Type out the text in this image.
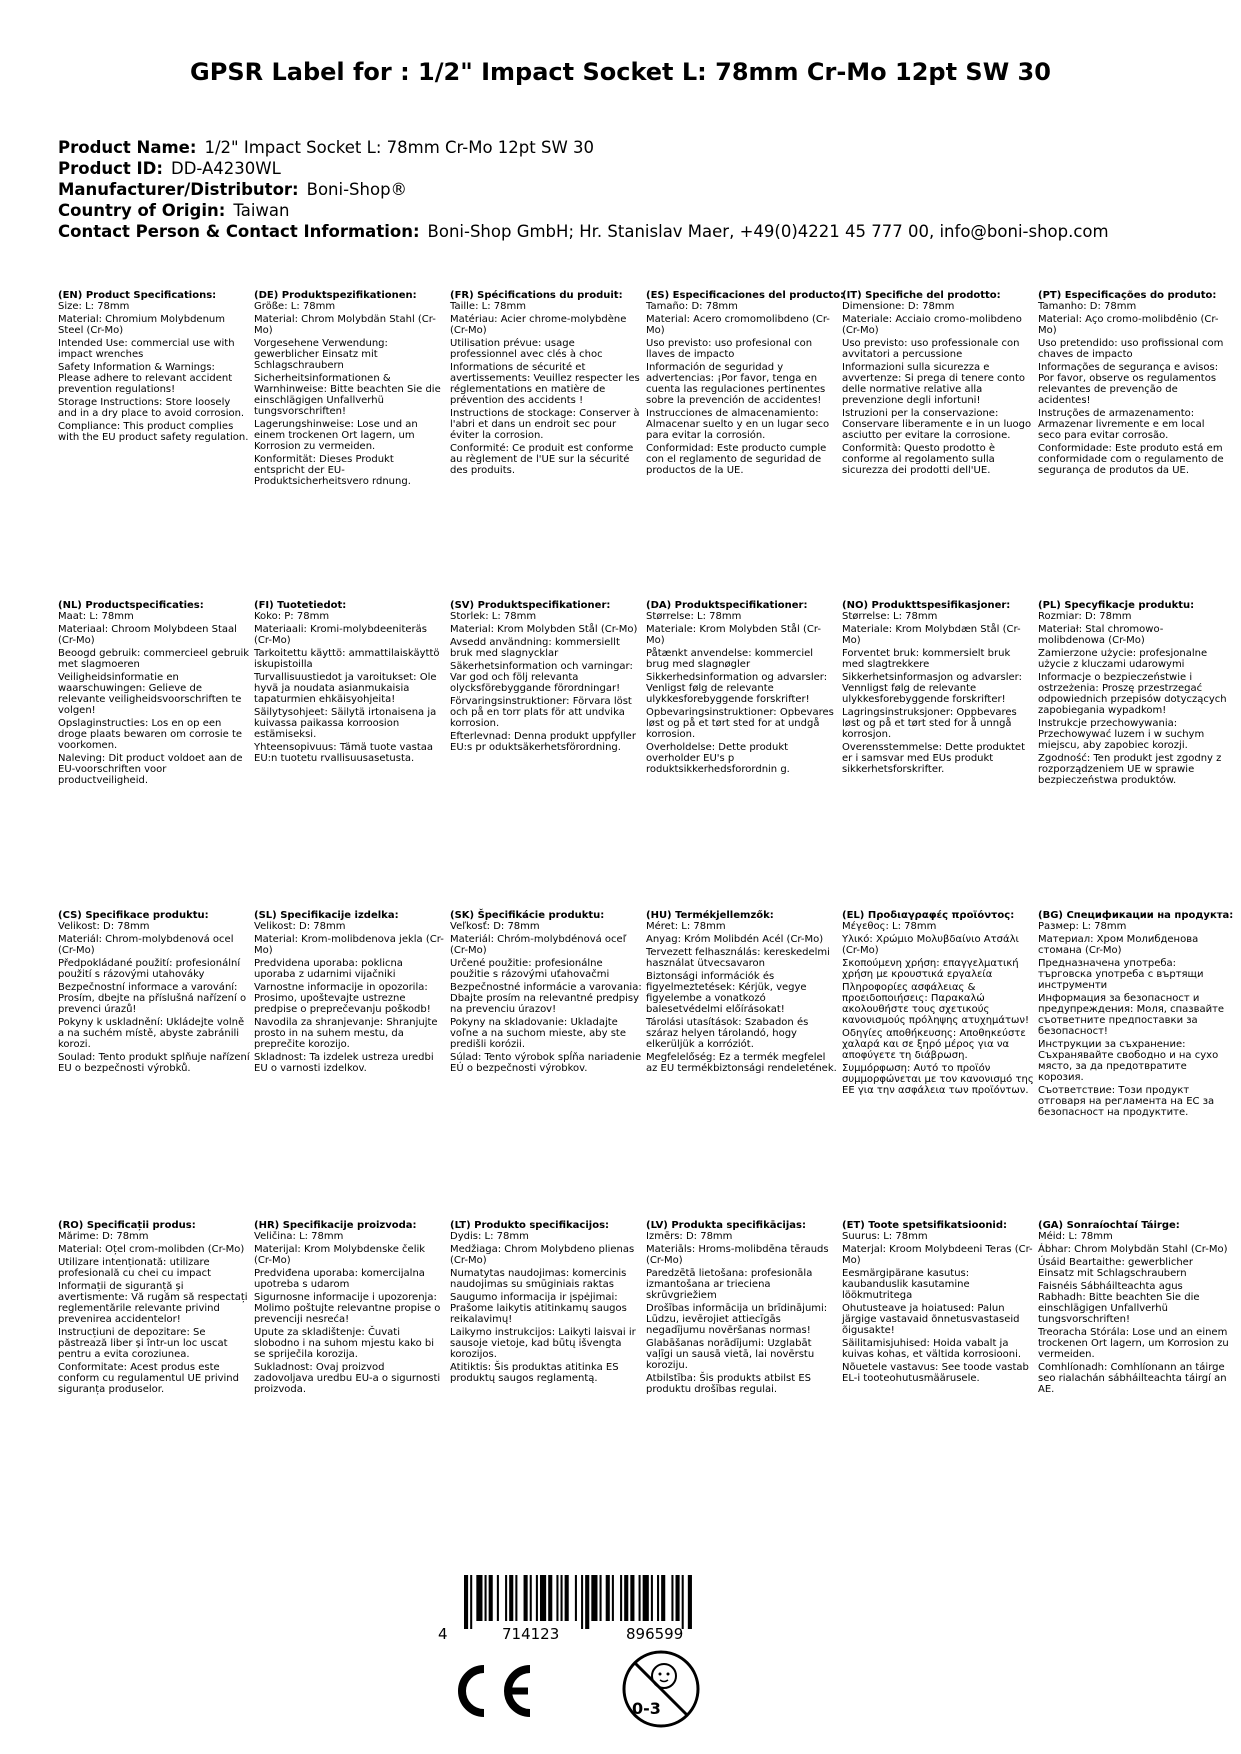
GPSR Label for : 1/2" Impact Socket L: 78mm Cr-Mo 12pt SW 30
Product Name: 1/2" Impact Socket L: 78mm Cr-Mo 12pt SW 30
Product ID: DD-A4230WL
Manufacturer/Distributor: Boni-Shop®
Country of Origin: Taiwan
Contact Person & Contact Information: Boni-Shop GmbH; Hr. Stanislav Maer, +49(0)4221 45 777 00, info@boni-shop.com
(EN) Product Specifications:

Size: L: 78mm

Material: Chromium Molybdenum Steel (Cr-Mo)

Intended Use: commercial use with impact wrenches

Safety Information & Warnings: Please adhere to relevant accident prevention regulations!

Storage Instructions: Store loosely and in a dry place to avoid corrosion.

Compliance: This product complies with the EU product safety regulation.

(DE) Produktspezifikationen:

Größe: L: 78mm

Material: Chrom Molybdän Stahl (Cr-Mo)

Vorgesehene Verwendung: gewerblicher Einsatz mit Schlagschraubern

Sicherheitsinformationen & Warnhinweise: Bitte beachten Sie die einschlägigen Unfallverhü tungsvorschriften!

Lagerungshinweise: Lose und an einem trockenen Ort lagern, um Korrosion zu vermeiden.

Konformität: Dieses Produkt entspricht der EU-Produktsicherheitsverо rdnung.

(FR) Spécifications du produit:

Taille: L: 78mm

Matériau: Acier chrome-molybdène (Cr-Mo)

Utilisation prévue: usage professionnel avec clés à choc

Informations de sécurité et avertissements: Veuillez respecter les réglementations en matière de prévention des accidents !

Instructions de stockage: Conserver à l'abri et dans un endroit sec pour éviter la corrosion.

Conformité: Ce produit est conforme au règlement de l'UE sur la sécurité des produits.

(ES) Especificaciones del producto:

Tamaño: D: 78mm

Material: Acero cromomolibdeno (Cr-Mo)

Uso previsto: uso profesional con llaves de impacto

Información de seguridad y advertencias: ¡Por favor, tenga en cuenta las regulaciones pertinentes sobre la prevención de accidentes!

Instrucciones de almacenamiento: Almacenar suelto y en un lugar seco para evitar la corrosión.

Conformidad: Este producto cumple con el reglamento de seguridad de productos de la UE.

(IT) Specifiche del prodotto:

Dimensione: D: 78mm

Materiale: Acciaio cromo-molibdeno (Cr-Mo)

Uso previsto: uso professionale con avvitatori a percussione

Informazioni sulla sicurezza e avvertenze: Si prega di tenere conto delle normative relative alla prevenzione degli infortuni!

Istruzioni per la conservazione: Conservare liberamente e in un luogo asciutto per evitare la corrosione.

Conformità: Questo prodotto è conforme al regolamento sulla sicurezza dei prodotti dell'UE.

(PT) Especificações do produto:

Tamanho: D: 78mm

Material: Aço cromo-molibdênio (Cr-Mo)

Uso pretendido: uso profissional com chaves de impacto

Informações de segurança e avisos: Por favor, observe os regulamentos relevantes de prevenção de acidentes!

Instruções de armazenamento: Armazenar livremente e em local seco para evitar corrosão.

Conformidade: Este produto está em conformidade com o regulamento de segurança de produtos da UE.

(NL) Productspecificaties:

Maat: L: 78mm

Materiaal: Chroom Molybdeen Staal (Cr-Mo)

Beoogd gebruik: commercieel gebruik met slagmoeren

Veiligheidsinformatie en waarschuwingen: Gelieve de relevante veiligheidsvoorschriften te volgen!

Opslaginstructies: Los en op een droge plaats bewaren om corrosie te voorkomen.

Naleving: Dit product voldoet aan de EU-voorschriften voor productveiligheid.

(FI) Tuotetiedot:

Koko: P: 78mm

Materiaali: Kromi-molybdeeniteräs (Cr-Mo)

Tarkoitettu käyttö: ammattilaiskäyttö iskupistoilla

Turvallisuustiedot ja varoitukset: Ole hyvä ja noudata asianmukaisia tapaturmien ehkäisyohjeita!

Säilytysohjeet: Säilytä irtonaisena ja kuivassa paikassa korroosion estämiseksi.

Yhteensopivuus: Tämä tuote vastaa EU:n tuotetu rvallisuusasetusta.

(SV) Produktspecifikationer:

Storlek: L: 78mm

Material: Krom Molybden Stål (Cr-Mo)

Avsedd användning: kommersiellt bruk med slagnycklar

Säkerhetsinformation och varningar: Var god och följ relevanta olycksförebyggande förordningar!

Förvaringsinstruktioner: Förvara löst och på en torr plats för att undvika korrosion.

Efterlevnad: Denna produkt uppfyller EU:s pr oduktsäkerhetsförordning.

(DA) Produktspecifikationer:

Størrelse: L: 78mm

Materiale: Krom Molybden Stål (Cr-Mo)

Påtænkt anvendelse: kommerciel brug med slagnøgler

Sikkerhedsinformation og advarsler: Venligst følg de relevante ulykkesforebyggende forskrifter!

Opbevaringsinstruktioner: Opbevares løst og på et tørt sted for at undgå korrosion.

Overholdelse: Dette produkt overholder EU's p roduktsikkerhedsforordnin g.

(NO) Produkttspesifikasjoner:

Størrelse: L: 78mm

Materiale: Krom Molybdæn Stål (Cr-Mo)

Forventet bruk: kommersielt bruk med slagtrekkere

Sikkerhetsinformasjon og advarsler: Vennligst følg de relevante ulykkesforebyggende forskrifter!

Lagringsinstruksjoner: Oppbevares løst og på et tørt sted for å unngå korrosjon.

Overensstemmelse: Dette produktet er i samsvar med EUs produkt sikkerhetsforskrifter.

(PL) Specyfikacje produktu:

Rozmiar: D: 78mm

Materiał: Stal chromowo-molibdenowa (Cr-Mo)

Zamierzone użycie: profesjonalne użycie z kluczami udarowymi

Informacje o bezpieczeństwie i ostrzeżenia: Proszę przestrzegać odpowiednich przepisów dotyczących zapobiegania wypadkom!

Instrukcje przechowywania: Przechowywać luzem i w suchym miejscu, aby zapobiec korozji.

Zgodność: Ten produkt jest zgodny z rozporządzeniem UE w sprawie bezpieczeństwa produktów.

(CS) Specifikace produktu:

Velikost: D: 78mm

Materiál: Chrom-molybdenová ocel (Cr-Mo)

Předpokládané použití: profesionální použití s rázovými utahováky

Bezpečnostní informace a varování: Prosím, dbejte na příslušná nařízení o prevenci úrazů!

Pokyny k uskladnění: Ukládejte volně a na suchém místě, abyste zabránili korozi.

Soulad: Tento produkt splňuje nařízení EU o bezpečnosti výrobků.

(SL) Specifikacije izdelka:

Velikost: D: 78mm

Material: Krom-molibdenova jekla (Cr-Mo)

Predvidena uporaba: poklicna uporaba z udarnimi vijačniki

Varnostne informacije in opozorila: Prosimo, upoštevajte ustrezne predpise o preprečevanju poškodb!

Navodila za shranjevanje: Shranjujte prosto in na suhem mestu, da preprečite korozijo.

Skladnost: Ta izdelek ustreza uredbi EU o varnosti izdelkov.

(SK) Špecifikácie produktu:

Veľkosť: D: 78mm

Materiál: Chróm-molybdénová oceľ (Cr-Mo)

Určené použitie: profesionálne použitie s rázovými uťahovačmi

Bezpečnostné informácie a varovania: Dbajte prosím na relevantné predpisy na prevenciu úrazov!

Pokyny na skladovanie: Ukladajte voľne a na suchom mieste, aby ste predišli korózii.

Súlad: Tento výrobok spĺňa nariadenie EÚ o bezpečnosti výrobkov.

(HU) Termékjellemzők:

Méret: L: 78mm

Anyag: Króm Molibdén Acél (Cr-Mo)

Tervezett felhasználás: kereskedelmi használat ütvecsavaron

Biztonsági információk és figyelmeztetések: Kérjük, vegye figyelembe a vonatkozó balesetvédelmi előírásokat!

Tárolási utasítások: Szabadon és száraz helyen tárolandó, hogy elkerüljük a korróziót.

Megfelelőség: Ez a termék megfelel az EU termékbiztonsági rendeletének.

(EL) Προδιαγραφές προϊόντος:

Μέγεθος: L: 78mm

Υλικό: Χρώμιο Μολυβδαίνιο Ατσάλι (Cr-Mo)

Σκοπούμενη χρήση: επαγγελματική χρήση με κρουστικά εργαλεία

Πληροφορίες ασφάλειας & προειδοποιήσεις: Παρακαλώ ακολουθήστε τους σχετικούς κανονισμούς πρόληψης ατυχημάτων!

Οδηγίες αποθήκευσης: Αποθηκεύστε χαλαρά και σε ξηρό μέρος για να αποφύγετε τη διάβρωση.

Συμμόρφωση: Αυτό το προϊόν συμμορφώνεται με τον κανονισμό της ΕΕ για την ασφάλεια των προϊόντων.

(BG) Спецификации на продукта:

Размер: L: 78mm

Материал: Хром Молибденова стомана (Cr-Mo)

Предназначена употреба: търговска употреба с въртящи инструменти

Информация за безопасност и предупреждения: Моля, спазвайте съответните предпоставки за безопасност!

Инструкции за съхранение: Съхранявайте свободно и на сухо място, за да предотвратите корозия.

Съответствие: Този продукт отговаря на регламента на ЕС за безопасност на продуктите.

(RO) Specificații produs:

Mărime: D: 78mm

Material: Oțel crom-molibden (Cr-Mo)

Utilizare intenționată: utilizare profesională cu chei cu impact

Informații de siguranță și avertismente: Vă rugăm să respectați reglementările relevante privind prevenirea accidentelor!

Instrucțiuni de depozitare: Se păstrează liber și într-un loc uscat pentru a evita coroziunea.

Conformitate: Acest produs este conform cu regulamentul UE privind siguranța produselor.

(HR) Specifikacije proizvoda:

Veličina: L: 78mm

Materijal: Krom Molybdenske čelik (Cr-Mo)

Predviđena uporaba: komercijalna upotreba s udarom

Sigurnosne informacije i upozorenja: Molimo poštujte relevantne propise o prevenciji nesreća!

Upute za skladištenje: Čuvati slobodno i na suhom mjestu kako bi se spriječila korozija.

Sukladnost: Ovaj proizvod zadovoljava uredbu EU-a o sigurnosti proizvoda.

(LT) Produkto specifikacijos:

Dydis: L: 78mm

Medžiaga: Chrom Molybdeno plienas (Cr-Mo)

Numatytas naudojimas: komercinis naudojimas su smūginiais raktas

Saugumo informacija ir įspėjimai: Prašome laikytis atitinkamų saugos reikalavimų!

Laikymo instrukcijos: Laikyti laisvai ir sausoje vietoje, kad būtų išvengta korozijos.

Atitiktis: Šis produktas atitinka ES produktų saugos reglamentą.

(LV) Produkta specifikācijas:

Izmērs: D: 78mm

Materiāls: Hroms-molibdēna tērauds (Cr-Mo)

Paredzētā lietošana: profesionāla izmantošana ar trieciena skrūvgriežiem

Drošības informācija un brīdinājumi: Lūdzu, ievērojiet attiecīgās negadījumu novēršanas normas!

Glabāšanas norādījumi: Uzglabāt vaļīgi un sausā vietā, lai novērstu koroziju.

Atbilstība: Šis produkts atbilst ES produktu drošības regulai.

(ET) Toote spetsifikatsioonid:

Suurus: L: 78mm

Materjal: Kroom Molybdeeni Teras (Cr-Mo)

Eesmärgipärane kasutus: kaubanduslik kasutamine löökmutritega

Ohutusteave ja hoiatused: Palun järgige vastavaid õnnetusvastaseid õigusakte!

Säilitamisjuhised: Hoida vabalt ja kuivas kohas, et vältida korrosiooni.

Nõuetele vastavus: See toode vastab EL-i tooteohutusmäärusele.

(GA) Sonraíochtaí Táirge:

Méid: L: 78mm

Ábhar: Chrom Molybdän Stahl (Cr-Mo)

Úsáid Beartaithe: gewerblicher Einsatz mit Schlagschraubern

Faisnéis Sábháilteachta agus Rabhadh: Bitte beachten Sie die einschlägigen Unfallverhü tungsvorschriften!

Treoracha Stórála: Lose und an einem trockenen Ort lagern, um Korrosion zu vermeiden.

Comhlíonadh: Comhlíonann an táirge seo rialachán sábháilteachta táirgí an AE.

4	714123	896599
0-3
